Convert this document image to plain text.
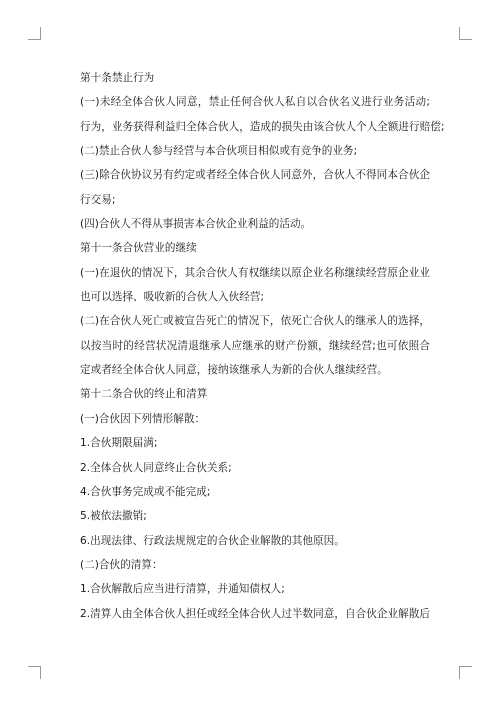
第十条禁止行为
(一)未经全体合伙人同意，禁止任何合伙人私自以合伙名义进行业务活动;
行为，业务获得利益归全体合伙人，造成的损失由该合伙人个人全额进行赔偿;
(二)禁止合伙人参与经营与本合伙项目相似或有竞争的业务;
(三)除合伙协议另有约定或者经全体合伙人同意外，合伙人不得同本合伙企
行交易;
(四)合伙人不得从事损害本合伙企业利益的活动。
第十一条合伙营业的继续
(一)在退伙的情况下，其余合伙人有权继续以原企业名称继续经营原企业业
也可以选择、吸收新的合伙人入伙经营;
(二)在合伙人死亡或被宣告死亡的情况下，依死亡合伙人的继承人的选择，
以按当时的经营状况清退继承人应继承的财产份额，继续经营;也可依照合
定或者经全体合伙人同意，接纳该继承人为新的合伙人继续经营。
第十二条合伙的终止和清算
(一)合伙因下列情形解散：
1.合伙期限届满;
2.全体合伙人同意终止合伙关系;
4.合伙事务完成或不能完成;
5.被依法撤销;
6.出现法律、行政法规规定的合伙企业解散的其他原因。
(二)合伙的清算：
1.合伙解散后应当进行清算，并通知债权人;
2.清算人由全体合伙人担任或经全体合伙人过半数同意，自合伙企业解散后
